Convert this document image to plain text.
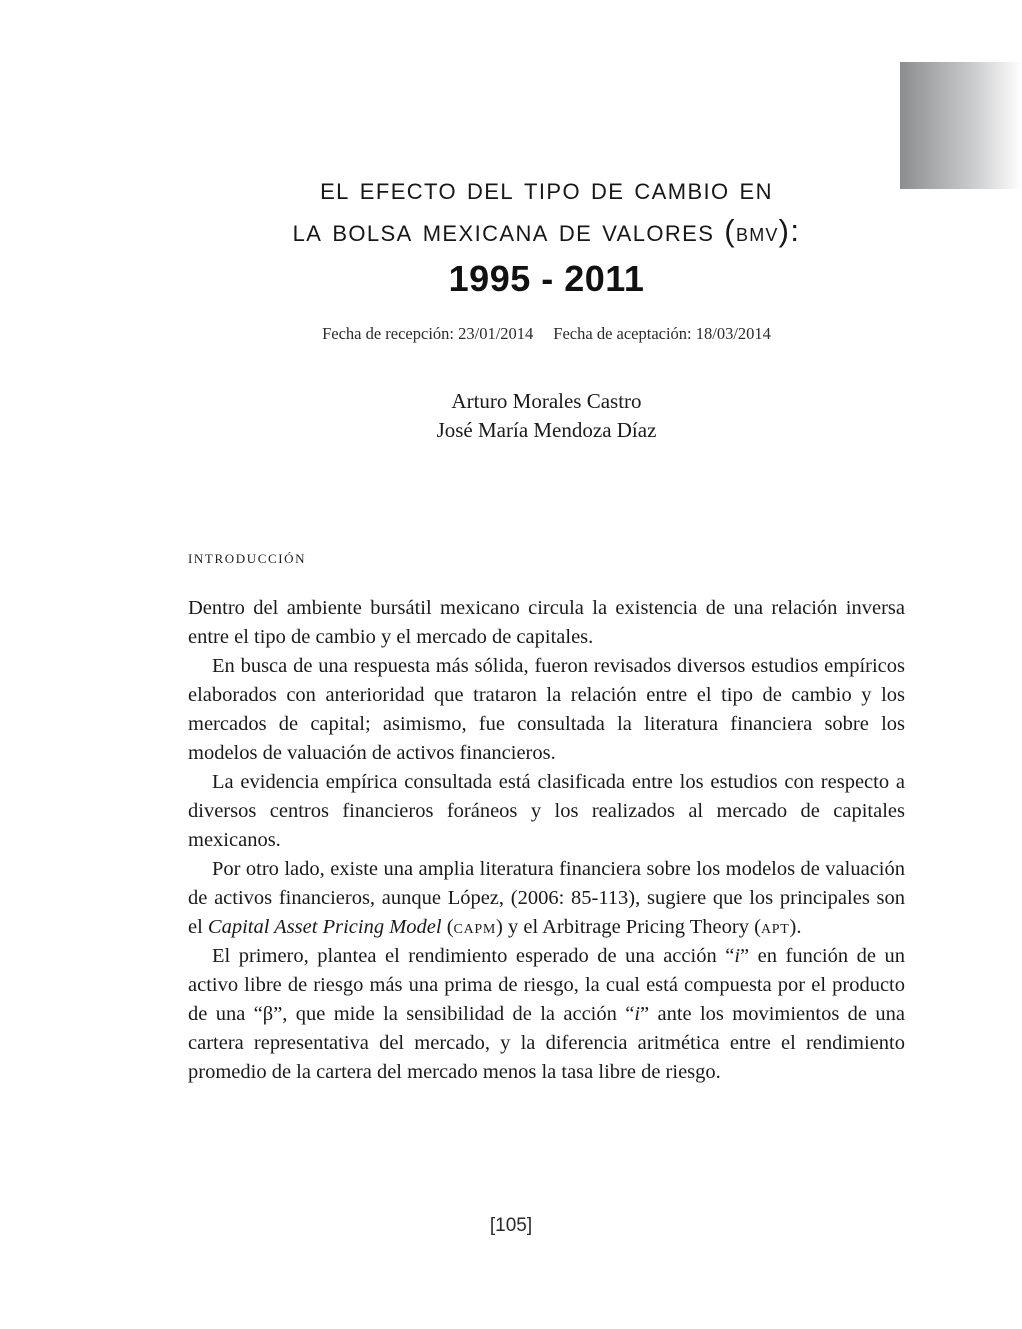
el efecto del tipo de cambio en
la bolsa mexicana de valores (bmv):
1995 - 2011
Fecha de recepción: 23/01/2014 Fecha de aceptación: 18/03/2014
Arturo Morales Castro
José María Mendoza Díaz
introducción

Dentro del ambiente bursátil mexicano circula la existencia de una relación inversa entre el tipo de cambio y el mercado de capitales.

En busca de una respuesta más sólida, fueron revisados diversos estudios empíricos elaborados con anterioridad que trataron la relación entre el tipo de cambio y los mercados de capital; asimismo, fue consultada la literatura financiera sobre los modelos de valuación de activos financieros.

La evidencia empírica consultada está clasificada entre los estudios con respecto a diversos centros financieros foráneos y los realizados al mercado de capitales mexicanos.

Por otro lado, existe una amplia literatura financiera sobre los modelos de valuación de activos financieros, aunque López, (2006: 85-113), sugiere que los principales son el Capital Asset Pricing Model (capm) y el Arbitrage Pricing Theory (apt).

El primero, plantea el rendimiento esperado de una acción “i” en función de un activo libre de riesgo más una prima de riesgo, la cual está compuesta por el producto de una “β”, que mide la sensibilidad de la acción “i” ante los movimientos de una cartera representativa del mercado, y la diferencia aritmética entre el rendimiento promedio de la cartera del mercado menos la tasa libre de riesgo.

[105]
